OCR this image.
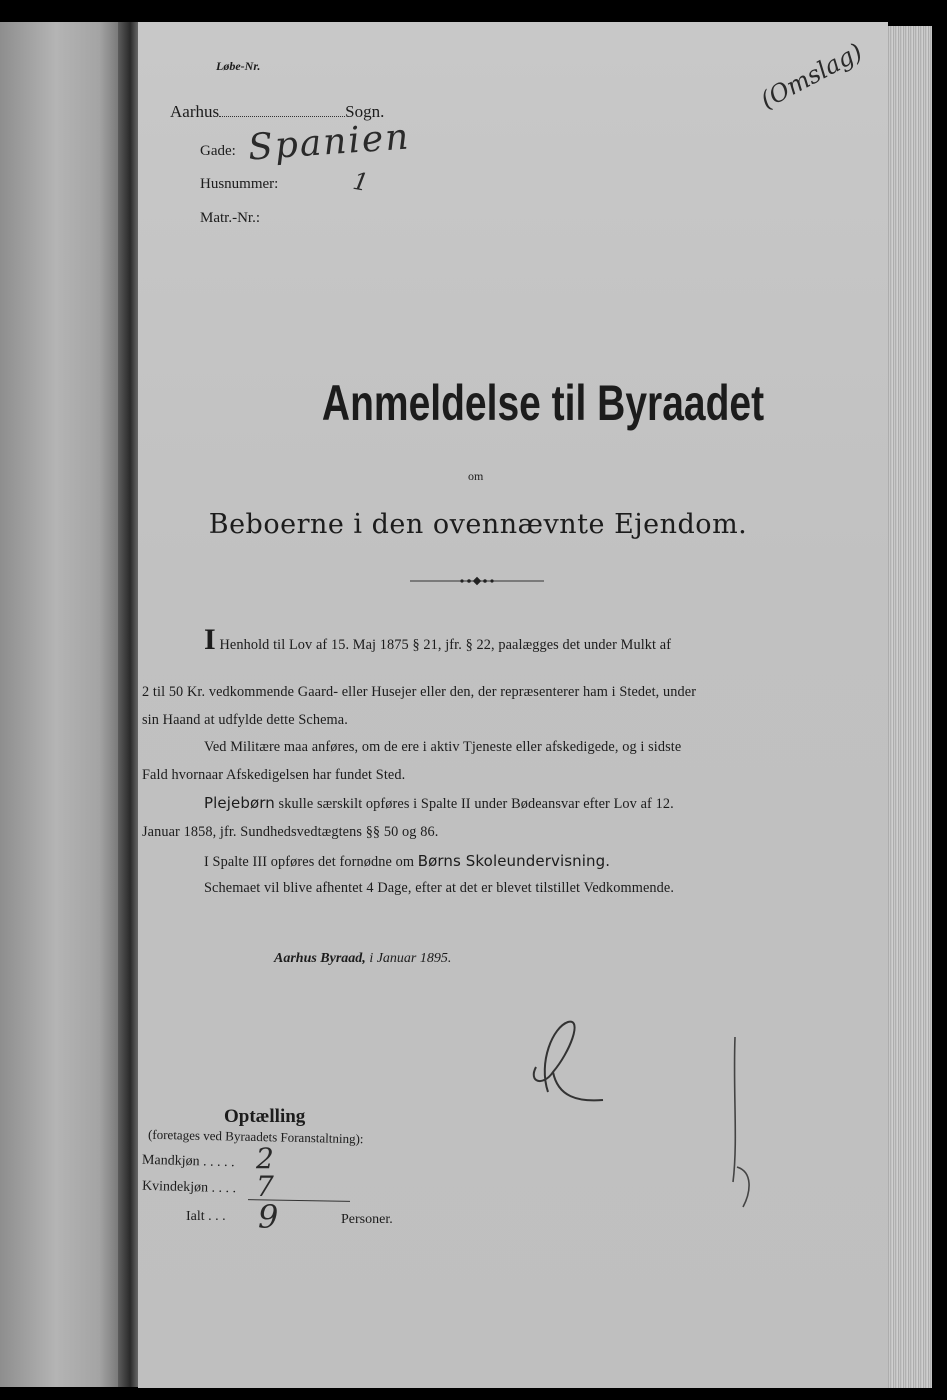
Løbe-Nr.
Aarhus	Sogn.
Gade: Spanien
Husnummer:	1
Matr.-Nr.:
(Omslag)
Anmeldelse til Byraadet
om
Beboerne i den ovennævnte Ejendom.
I Henhold til Lov af 15. Maj 1875 § 21, jfr. § 22, paalægges det under Mulkt af
2 til 50 Kr. vedkommende Gaard- eller Husejer eller den, der repræsenterer ham i Stedet, under
sin Haand at udfylde dette Schema.
Ved Militære maa anføres, om de ere i aktiv Tjeneste eller afskedigede, og i sidste
Fald hvornaar Afskedigelsen har fundet Sted.
Plejebørn skulle særskilt opføres i Spalte II under Bødeansvar efter Lov af 12.
Januar 1858, jfr. Sundhedsvedtægtens §§ 50 og 86.
I Spalte III opføres det fornødne om Børns Skoleundervisning.
Schemaet vil blive afhentet 4 Dage, efter at det er blevet tilstillet Vedkommende.
Aarhus Byraad, i Januar 1895.
Optælling
(foretages ved Byraadets Foranstaltning):
Mandkjøn . . . . . 2
Kvindekjøn . . . . 7
Ialt . . . 9	Personer.
